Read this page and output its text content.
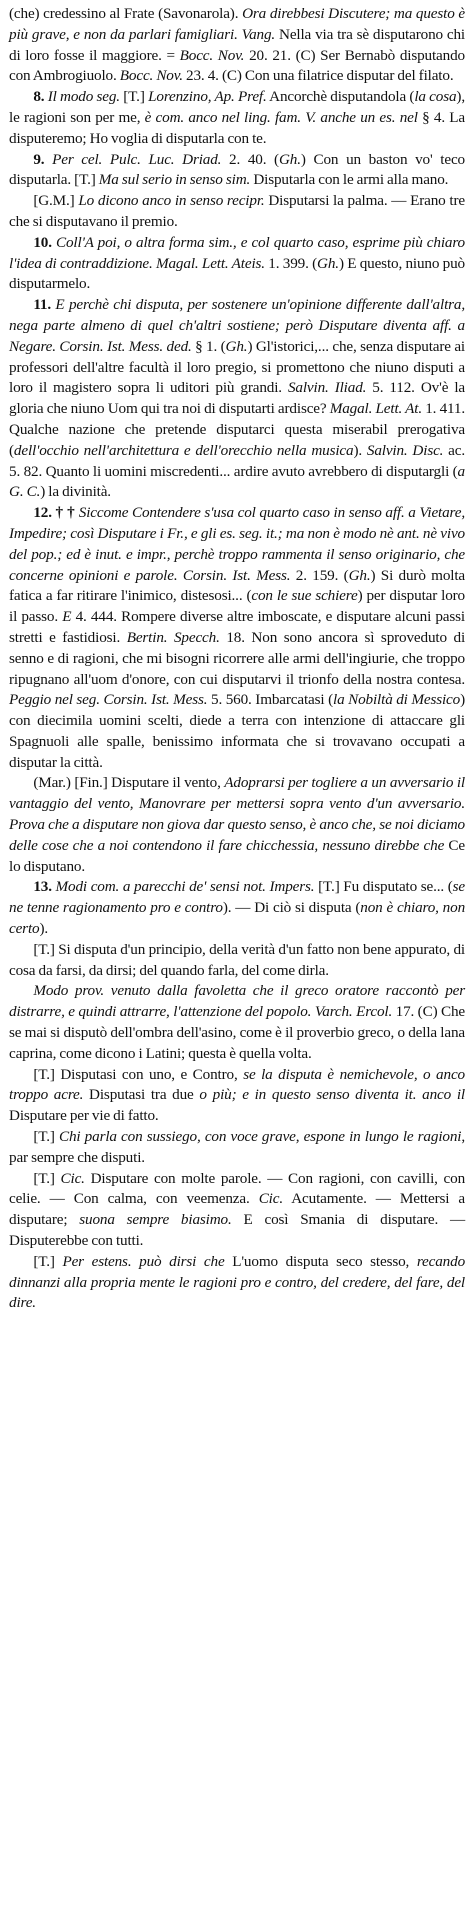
(che) credessino al Frate (Savonarola). Ora direbbesi Discutere; ma questo è più grave, e non da parlari famigliari. Vang. Nella via tra sè disputarono chi di loro fosse il maggiore. = Bocc. Nov. 20. 21. (C) Ser Bernabò disputando con Ambrogiuolo. Bocc. Nov. 23. 4. (C) Con una filatrice disputar del filato.

8. Il modo seg. [T.] Lorenzino, Ap. Pref. Ancorchè disputandola (la cosa), le ragioni son per me, è com. anco nel ling. fam. V. anche un es. nel § 4. La disputeremo; Ho voglia di disputarla con te.

9. Per cel. Pulc. Luc. Driad. 2. 40. (Gh.) Con un baston vo' teco disputarla. [T.] Ma sul serio in senso sim. Disputarla con le armi alla mano.

[G.M.] Lo dicono anco in senso recipr. Disputarsi la palma. — Erano tre che si disputavano il premio.

10. Coll'A poi, o altra forma sim., e col quarto caso, esprime più chiaro l'idea di contraddizione. Magal. Lett. Ateis. 1. 399. (Gh.) E questo, niuno può disputarmelo.

11. E perchè chi disputa, per sostenere un'opinione differente dall'altra, nega parte almeno di quel ch'altri sostiene; però Disputare diventa aff. a Negare. Corsin. Ist. Mess. ded. § 1. (Gh.) Gl'istorici,... che, senza disputare ai professori dell'altre facultà il loro pregio, si promettono che niuno disputi a loro il magistero sopra li uditori più grandi. Salvin. Iliad. 5. 112. Ov'è la gloria che niuno Uom qui tra noi di disputarti ardisce? Magal. Lett. At. 1. 411. Qualche nazione che pretende disputarci questa miserabil prerogativa (dell'occhio nell'architettura e dell'orecchio nella musica). Salvin. Disc. ac. 5. 82. Quanto li uomini miscredenti... ardire avuto avrebbero di disputargli (a G. C.) la divinità.

12. † † Siccome Contendere s'usa col quarto caso in senso aff. a Vietare, Impedire; così Disputare i Fr., e gli es. seg. it.; ma non è modo nè ant. nè vivo del pop.; ed è inut. e impr., perchè troppo rammenta il senso originario, che concerne opinioni e parole. Corsin. Ist. Mess. 2. 159. (Gh.) Si durò molta fatica a far ritirare l'inimico, distesosi... (con le sue schiere) per disputar loro il passo. E 4. 444. Rompere diverse altre imboscate, e disputare alcuni passi stretti e fastidiosi. Bertin. Specch. 18. Non sono ancora sì sproveduto di senno e di ragioni, che mi bisogni ricorrere alle armi dell'ingiurie, che troppo ripugnano all'uom d'onore, con cui disputarvi il trionfo della nostra contesa. Peggio nel seg. Corsin. Ist. Mess. 5. 560. Imbarcatasi (la Nobiltà di Messico) con diecimila uomini scelti, diede a terra con intenzione di attaccare gli Spagnuoli alle spalle, benissimo informata che si trovavano occupati a disputar la città.

(Mar.) [Fin.] Disputare il vento, Adoprarsi per togliere a un avversario il vantaggio del vento, Manovrare per mettersi sopra vento d'un avversario. Prova che a disputare non giova dar questo senso, è anco che, se noi diciamo delle cose che a noi contendono il fare chicchessia, nessuno direbbe che Ce lo disputano.

13. Modi com. a parecchi de' sensi not. Impers. [T.] Fu disputato se... (se ne tenne ragionamento pro e contro). — Di ciò si disputa (non è chiaro, non certo).

[T.] Si disputa d'un principio, della verità d'un fatto non bene appurato, di cosa da farsi, da dirsi; del quando farla, del come dirla.

Modo prov. venuto dalla favoletta che il greco oratore raccontò per distrarre, e quindi attrarre, l'attenzione del popolo. Varch. Ercol. 17. (C) Che se mai si disputò dell'ombra dell'asino, come è il proverbio greco, o della lana caprina, come dicono i Latini; questa è quella volta.

[T.] Disputasi con uno, e Contro, se la disputa è nemichevole, o anco troppo acre. Disputasi tra due o più; e in questo senso diventa it. anco il Disputare per vie di fatto.

[T.] Chi parla con sussiego, con voce grave, espone in lungo le ragioni, par sempre che disputi.

[T.] Cic. Disputare con molte parole. — Con ragioni, con cavilli, con celie. — Con calma, con veemenza. Cic. Acutamente. — Mettersi a disputare; suona sempre biasimo. E così Smania di disputare. — Disputerebbe con tutti.

[T.] Per estens. può dirsi che L'uomo disputa seco stesso, recando dinnanzi alla propria mente le ragioni pro e contro, del credere, del fare, del dire.
